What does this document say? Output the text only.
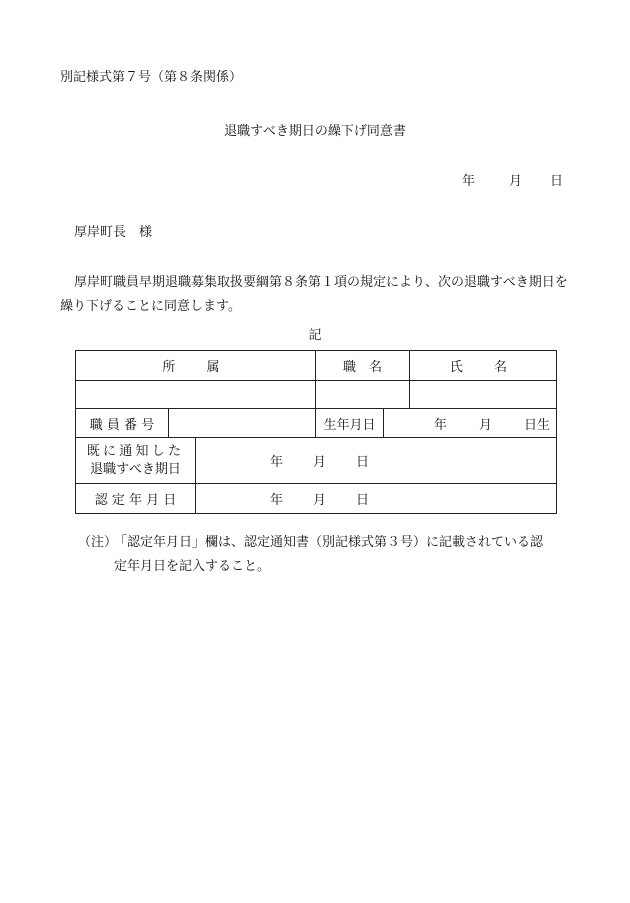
別記様式第７号（第８条関係）
退職すべき期日の繰下げ同意書
年	月 日
厚岸町長　様
厚岸町職員早期退職募集取扱要綱第８条第１項の規定により、次の退職すべき期日を繰り下げることに同意します。
記
所　属			職　名		氏　名

職 員 番 号			生年月日	年 月 日生	

既に通知した
退職すべき期日		年 月 日			
認 定 年 月 日		年 月 日			
（注）
「認定年月日」欄は、認定通知書（別記様式第３号）に記載されている認
定年月日を記入すること。
